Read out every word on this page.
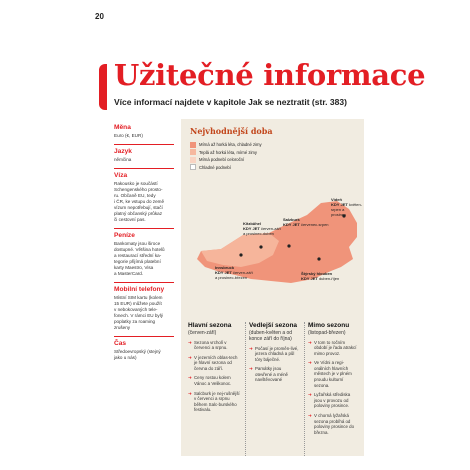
20
Užitečné informace
Více informací najdete v kapitole Jak se neztratit (str. 383)
Měna
Euro (€, EUR)
Jazyk
němčina
Víza
Rakousko je součástí
Schengenského prosto-
ru. Občaně EU, tedy
i ČR, ke vstupu do země
vízum nepotřebují, stačí
platný občanský průkaz
či cestovní pas.
Peníze
Bankomaty jsou široce
dostupné. Většina hotelů
a restaurací střední ka-
tegorie přijímá platební
karty Maestro, Visa
a MasterCard.
Mobilní telefony
Místní SIM kartu (kolem
15 EUR) můžete použít
v nebokovaných tele-
fonech. V rámci EU bylý
poplatky za roaming
zrušeny
Čas
Středoevropský (stejný
jako u nás)
Nejvhodnější doba
Mírná až horká léta, chladné zimy
Teplá až horká léta, mírné zimy
Mírná podnebí celoroční
Chladné podnebí
Vídeň
KDY JET květen-srpen a
prosinec
Salzburk
KDY JET červenec-srpen
Kitzbühel
KDY JET červen-září
a prosinec-duben
Innsbruck
KDY JET červen-září
a prosinec-březen
Štýrský hlouben
KDY JET duben-říjen
Hlavní sezona
(červen-září)
➜ Sezona vrcholí v červenci a srpnu.
➜ V jezerních oblas-tech je hlavní sezona od června do září.
➜ Ceny rostou kolem Vánoc a Velikonoc.
➜ Salcburk je nej-rušnější v červenci a srpnu během Salc-burského festivalu.
Vedlejší sezona
(duben-květen a od konce září do října)
➜ Počasí je proměn-livé, jezera chladná a půl tóry báječné.
➜ Památky jsou otevřené a méně navštěvované
Mimo sezonu
(listopad-březen)
➜ V tom to ročním období je řada atrakcí mimo provoz.
➜ Ve Vídni a regi-onálních hlavních městech je v plném proudu kulturní sezona.
➜ Lyžařská střediska jsou v provozu od poloviny prosince.
➜ V chorná lyžařská sezona probíhá od poloviny prosince do března.
